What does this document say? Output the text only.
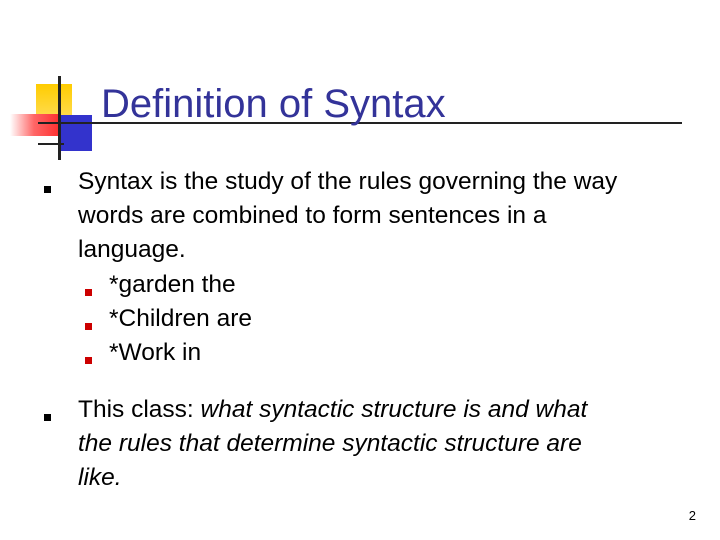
Definition of Syntax
Syntax is the study of the rules governing the way
words are combined to form sentences in a
language.
*garden the
*Children are
*Work in
This class: what syntactic structure is and what
the rules that determine syntactic structure are
like.
2
